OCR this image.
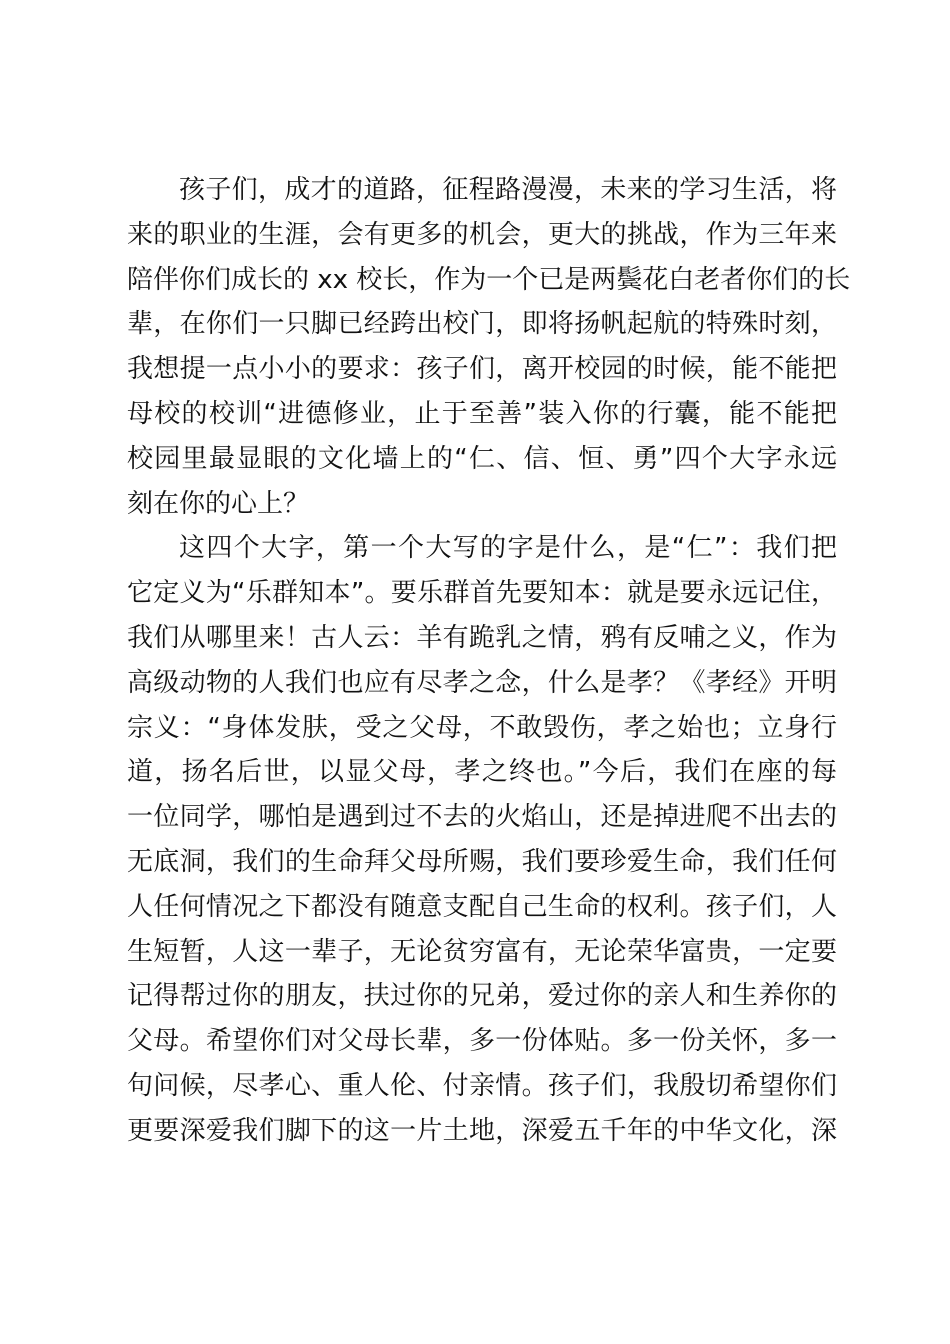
孩子们，成才的道路，征程路漫漫，未来的学习生活，将
来的职业的生涯，会有更多的机会，更大的挑战，作为三年来
陪伴你们成长的 xx 校长，作为一个已是两鬓花白老者你们的长
辈，在你们一只脚已经跨出校门，即将扬帆起航的特殊时刻，
我想提一点小小的要求：孩子们，离开校园的时候，能不能把
母校的校训“进德修业，止于至善”装入你的行囊，能不能把
校园里最显眼的文化墙上的“仁、信、恒、勇”四个大字永远
刻在你的心上？
这四个大字，第一个大写的字是什么，是“仁”：我们把
它定义为“乐群知本”。要乐群首先要知本：就是要永远记住，
我们从哪里来！古人云：羊有跪乳之情，鸦有反哺之义，作为
高级动物的人我们也应有尽孝之念，什么是孝？《孝经》开明
宗义：“身体发肤，受之父母，不敢毁伤，孝之始也；立身行
道，扬名后世，以显父母，孝之终也。”今后，我们在座的每
一位同学，哪怕是遇到过不去的火焰山，还是掉进爬不出去的
无底洞，我们的生命拜父母所赐，我们要珍爱生命，我们任何
人任何情况之下都没有随意支配自己生命的权利。孩子们，人
生短暂，人这一辈子，无论贫穷富有，无论荣华富贵，一定要
记得帮过你的朋友，扶过你的兄弟，爱过你的亲人和生养你的
父母。希望你们对父母长辈，多一份体贴。多一份关怀，多一
句问候，尽孝心、重人伦、付亲情。孩子们，我殷切希望你们
更要深爱我们脚下的这一片土地，深爱五千年的中华文化，深
